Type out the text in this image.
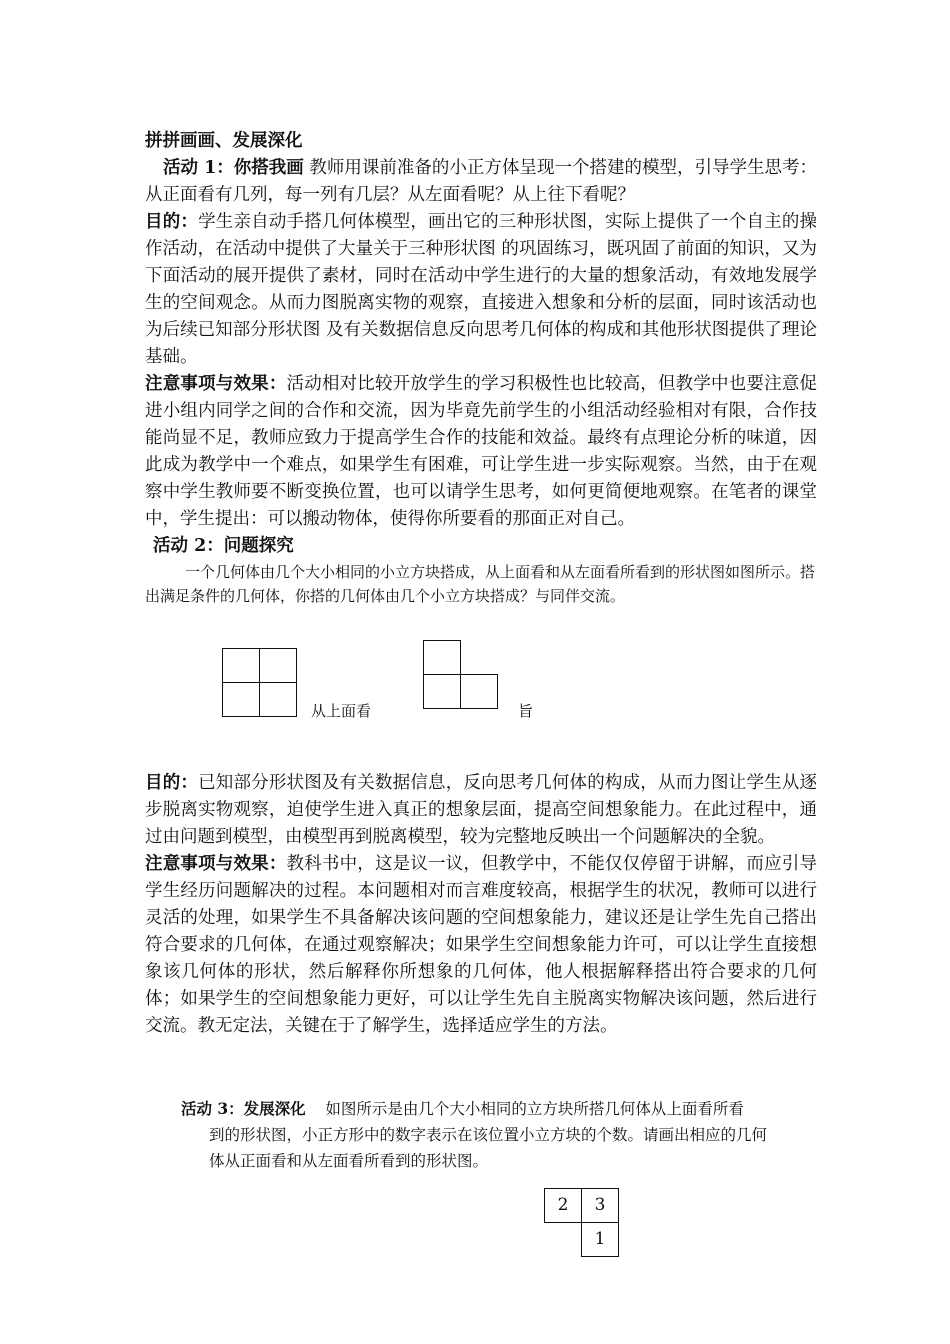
拼拼画画、发展深化

活动 1：你搭我画 教师用课前准备的小正方体呈现一个搭建的模型，引导学生思考：从正面看有几列，每一列有几层？从左面看呢？从上往下看呢？

目的：学生亲自动手搭几何体模型，画出它的三种形状图，实际上提供了一个自主的操作活动，在活动中提供了大量关于三种形状图 的巩固练习，既巩固了前面的知识，又为下面活动的展开提供了素材，同时在活动中学生进行的大量的想象活动，有效地发展学生的空间观念。从而力图脱离实物的观察，直接进入想象和分析的层面，同时该活动也为后续已知部分形状图 及有关数据信息反向思考几何体的构成和其他形状图提供了理论基础。

注意事项与效果：活动相对比较开放学生的学习积极性也比较高，但教学中也要注意促进小组内同学之间的合作和交流，因为毕竟先前学生的小组活动经验相对有限，合作技能尚显不足，教师应致力于提高学生合作的技能和效益。最终有点理论分析的味道，因此成为教学中一个难点，如果学生有困难，可让学生进一步实际观察。当然，由于在观察中学生教师要不断变换位置，也可以请学生思考，如何更简便地观察。在笔者的课堂中，学生提出：可以搬动物体，使得你所要看的那面正对自己。

活动 2：问题探究

一个几何体由几个大小相同的小立方块搭成，从上面看和从左面看所看到的形状图如图所示。搭出满足条件的几何体，你搭的几何体由几个小立方块搭成？与同伴交流。

从上面看	旨

目的：已知部分形状图及有关数据信息，反向思考几何体的构成，从而力图让学生从逐步脱离实物观察，迫使学生进入真正的想象层面，提高空间想象能力。在此过程中，通过由问题到模型，由模型再到脱离模型，较为完整地反映出一个问题解决的全貌。

注意事项与效果：教科书中，这是议一议，但教学中，不能仅仅停留于讲解，而应引导学生经历问题解决的过程。本问题相对而言难度较高，根据学生的状况，教师可以进行灵活的处理，如果学生不具备解决该问题的空间想象能力，建议还是让学生先自己搭出符合要求的几何体，在通过观察解决；如果学生空间想象能力许可，可以让学生直接想象该几何体的形状，然后解释你所想象的几何体，他人根据解释搭出符合要求的几何体；如果学生的空间想象能力更好，可以让学生先自主脱离实物解决该问题，然后进行交流。教无定法，关键在于了解学生，选择适应学生的方法。

活动 3：发展深化 如图所示是由几个大小相同的立方块所搭几何体从上面看所看

到的形状图，小正方形中的数字表示在该位置小立方块的个数。请画出相应的几何

体从正面看和从左面看所看到的形状图。

2	3
1
